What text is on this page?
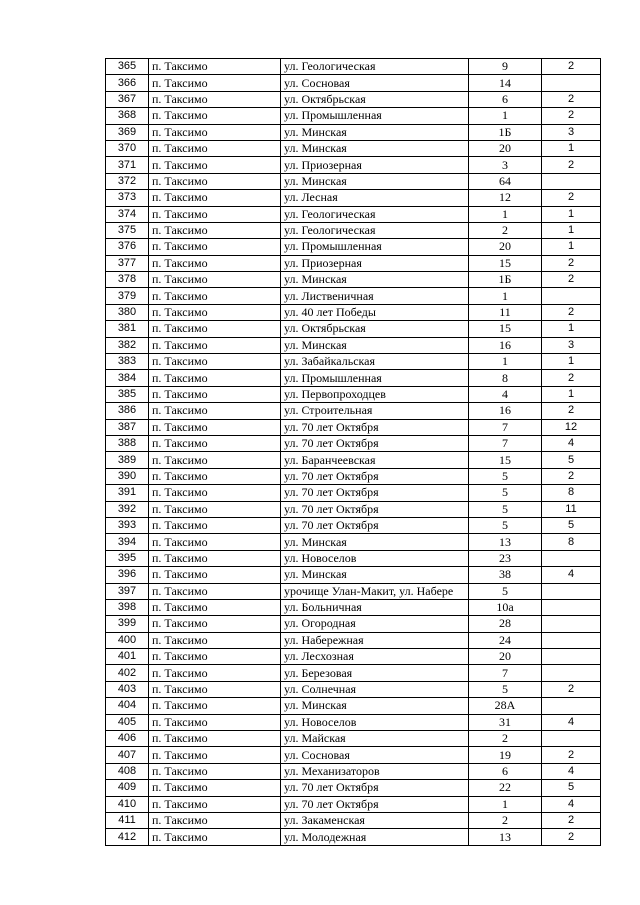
365	п. Таксимо	ул. Геологическая	9	2
366	п. Таксимо	ул. Сосновая	14	
367	п. Таксимо	ул. Октябрьская	6	2
368	п. Таксимо	ул. Промышленная	1	2
369	п. Таксимо	ул. Минская	1Б	3
370	п. Таксимо	ул. Минская	20	1
371	п. Таксимо	ул. Приозерная	3	2
372	п. Таксимо	ул. Минская	64	
373	п. Таксимо	ул. Лесная	12	2
374	п. Таксимо	ул. Геологическая	1	1
375	п. Таксимо	ул. Геологическая	2	1
376	п. Таксимо	ул. Промышленная	20	1
377	п. Таксимо	ул. Приозерная	15	2
378	п. Таксимо	ул. Минская	1Б	2
379	п. Таксимо	ул. Лиственичная	1	
380	п. Таксимо	ул. 40 лет Победы	11	2
381	п. Таксимо	ул. Октябрьская	15	1
382	п. Таксимо	ул. Минская	16	3
383	п. Таксимо	ул. Забайкальская	1	1
384	п. Таксимо	ул. Промышленная	8	2
385	п. Таксимо	ул. Первопроходцев	4	1
386	п. Таксимо	ул. Строительная	16	2
387	п. Таксимо	ул. 70 лет Октября	7	12
388	п. Таксимо	ул. 70 лет Октября	7	4
389	п. Таксимо	ул. Баранчеевская	15	5
390	п. Таксимо	ул. 70 лет Октября	5	2
391	п. Таксимо	ул. 70 лет Октября	5	8
392	п. Таксимо	ул. 70 лет Октября	5	11
393	п. Таксимо	ул. 70 лет Октября	5	5
394	п. Таксимо	ул. Минская	13	8
395	п. Таксимо	ул. Новоселов	23	
396	п. Таксимо	ул. Минская	38	4
397	п. Таксимо	урочище Улан-Макит, ул. Набере	5	
398	п. Таксимо	ул. Больничная	10а	
399	п. Таксимо	ул. Огородная	28	
400	п. Таксимо	ул. Набережная	24	
401	п. Таксимо	ул. Лесхозная	20	
402	п. Таксимо	ул. Березовая	7	
403	п. Таксимо	ул. Солнечная	5	2
404	п. Таксимо	ул. Минская	28А	
405	п. Таксимо	ул. Новоселов	31	4
406	п. Таксимо	ул. Майская	2	
407	п. Таксимо	ул. Сосновая	19	2
408	п. Таксимо	ул. Механизаторов	6	4
409	п. Таксимо	ул. 70 лет Октября	22	5
410	п. Таксимо	ул. 70 лет Октября	1	4
411	п. Таксимо	ул. Закаменская	2	2
412	п. Таксимо	ул. Молодежная	13	2
